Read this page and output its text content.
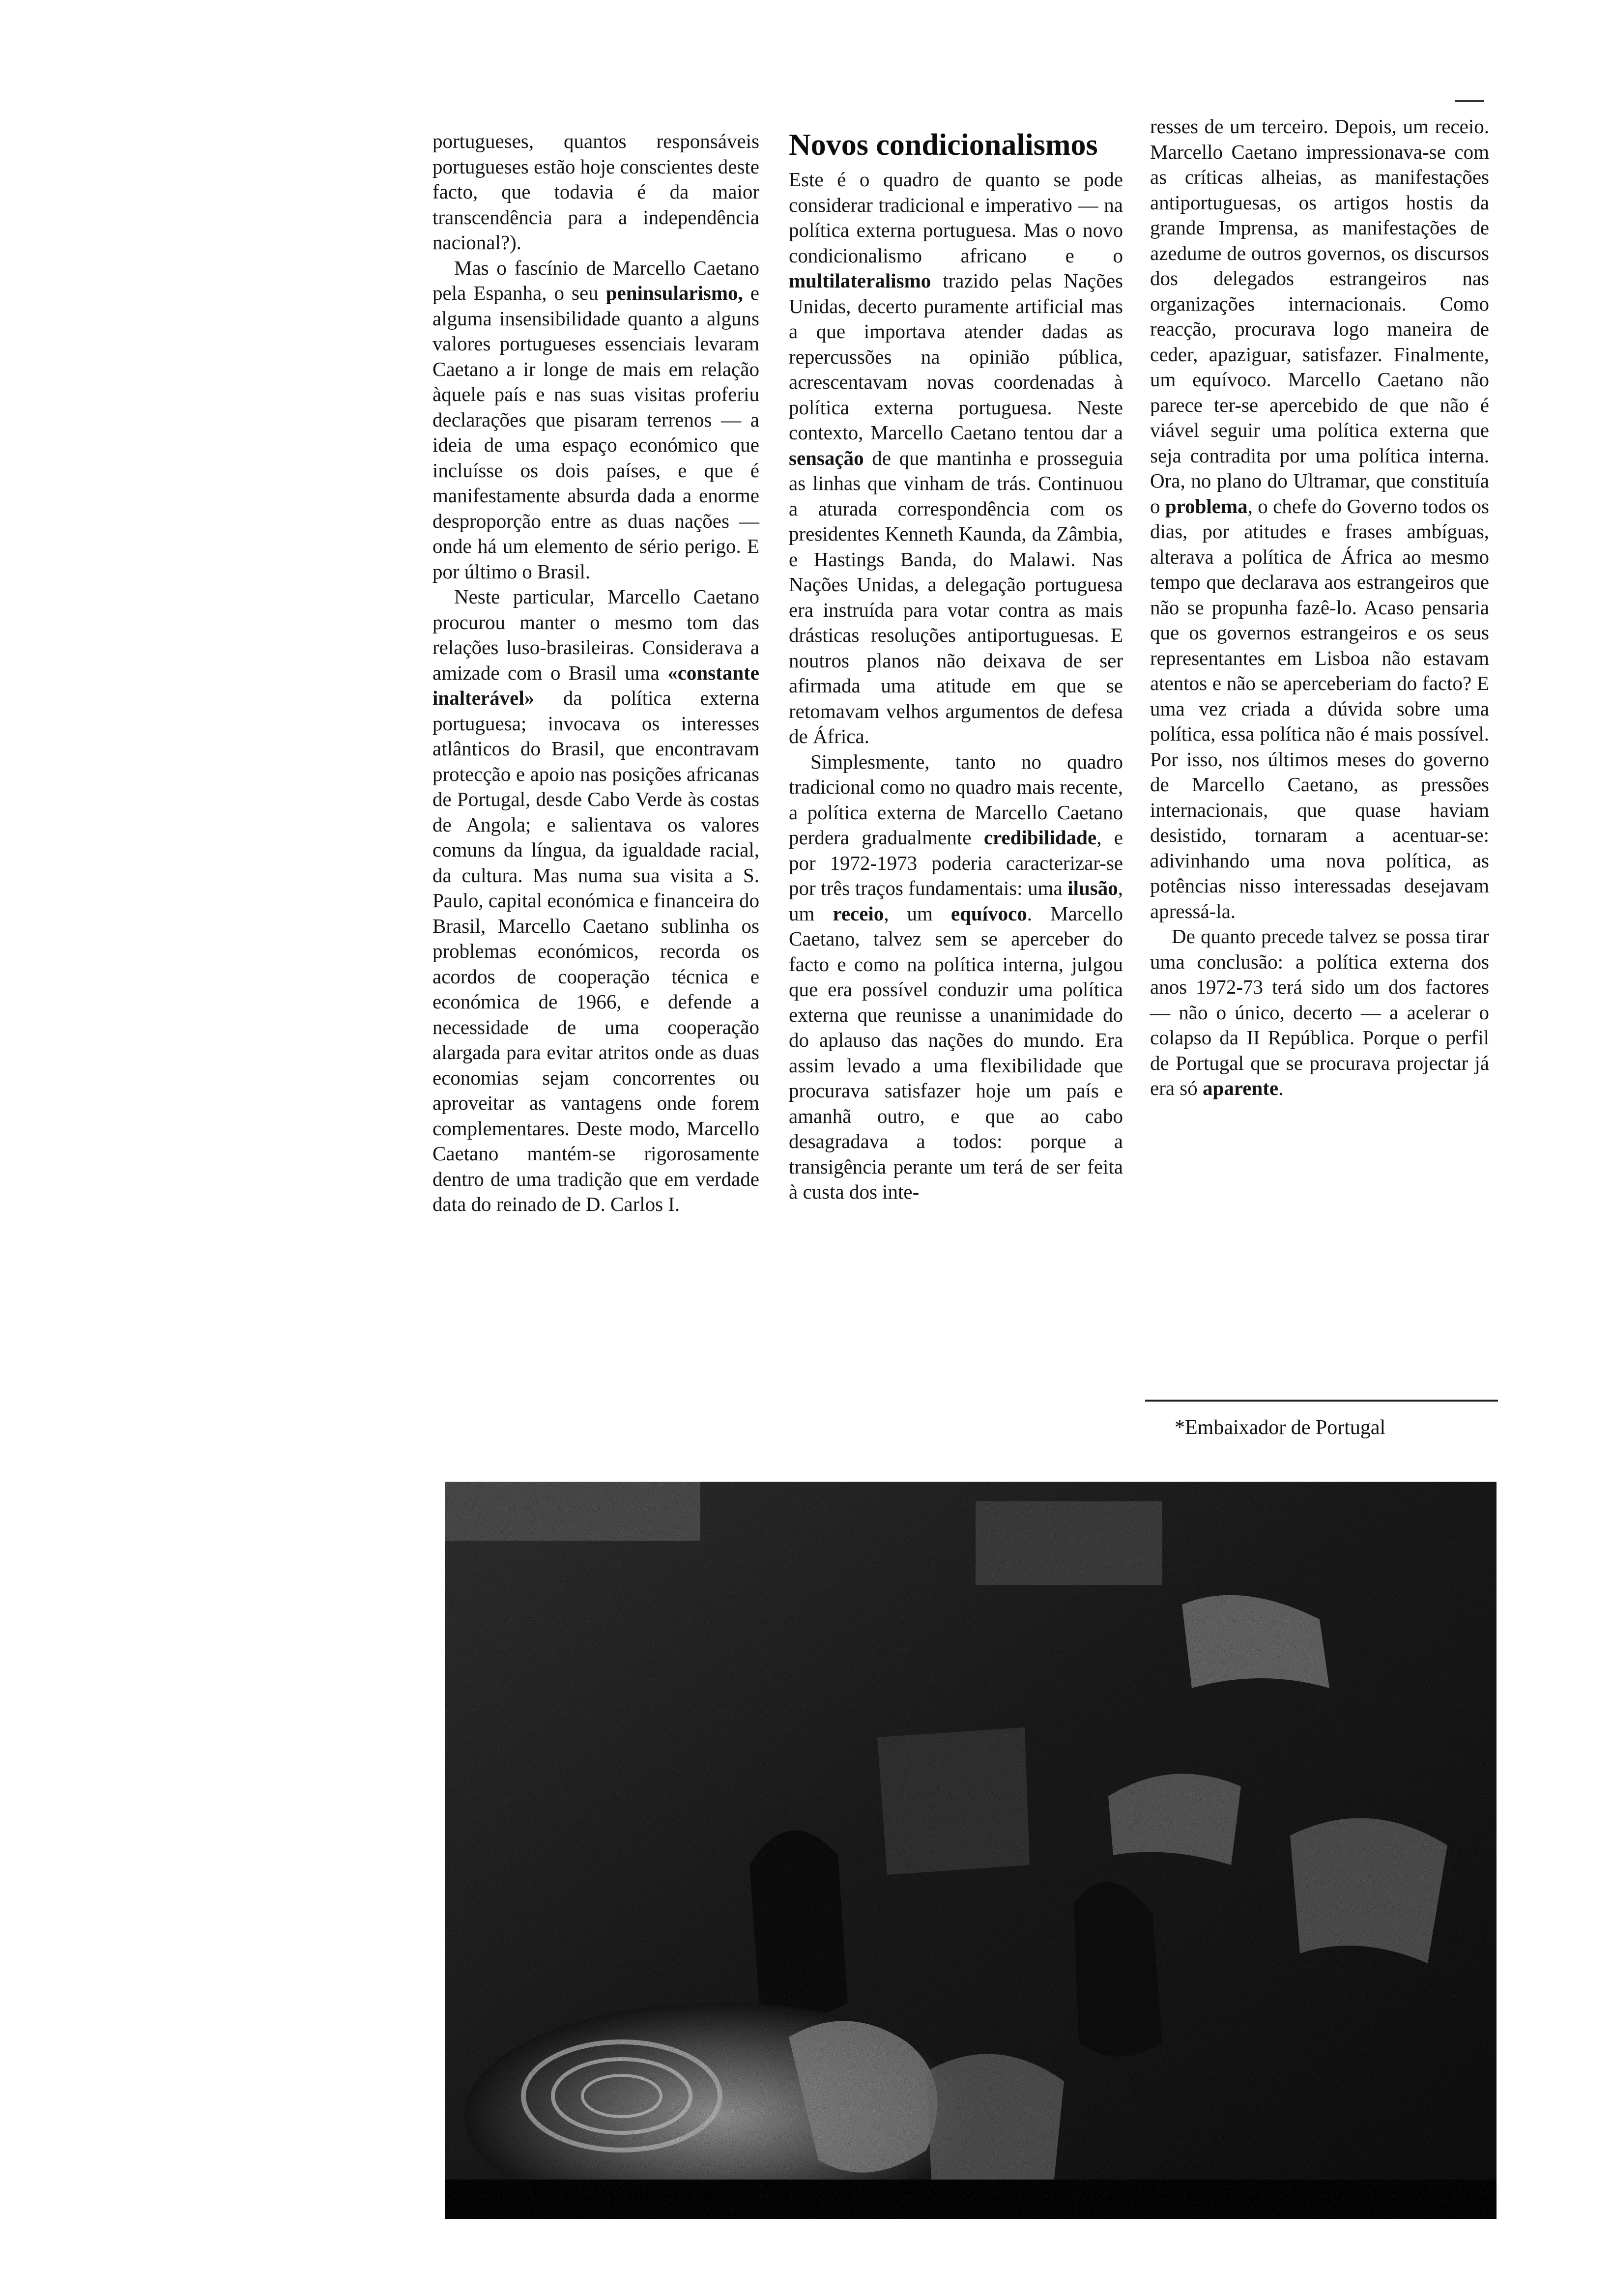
portugueses, quantos responsáveis portugueses estão hoje conscientes deste facto, que todavia é da maior transcendência para a independência nacional?).

Mas o fascínio de Marcello Caetano pela Espanha, o seu peninsularismo, e alguma insensibilidade quanto a alguns valores portugueses essenciais levaram Caetano a ir longe de mais em relação àquele país e nas suas visitas proferiu declarações que pisaram terrenos — a ideia de uma espaço económico que incluísse os dois países, e que é manifestamente absurda dada a enorme desproporção entre as duas nações — onde há um elemento de sério perigo. E por último o Brasil.

Neste particular, Marcello Caetano procurou manter o mesmo tom das relações luso-brasileiras. Considerava a amizade com o Brasil uma «constante inalterável» da política externa portuguesa; invocava os interesses atlânticos do Brasil, que encontravam protecção e apoio nas posições africanas de Portugal, desde Cabo Verde às costas de Angola; e salientava os valores comuns da língua, da igualdade racial, da cultura. Mas numa sua visita a S. Paulo, capital económica e financeira do Brasil, Marcello Caetano sublinha os problemas económicos, recorda os acordos de cooperação técnica e económica de 1966, e defende a necessidade de uma cooperação alargada para evitar atritos onde as duas economias sejam concorrentes ou aproveitar as vantagens onde forem complementares. Deste modo, Marcello Caetano mantém-se rigorosamente dentro de uma tradição que em verdade data do reinado de D. Carlos I.

Novos condicionalismos

Este é o quadro de quanto se pode considerar tradicional e imperativo — na política externa portuguesa. Mas o novo condicionalismo africano e o multilateralismo trazido pelas Nações Unidas, decerto puramente artificial mas a que importava atender dadas as repercussões na opinião pública, acrescentavam novas coordenadas à política externa portuguesa. Neste contexto, Marcello Caetano tentou dar a sensação de que mantinha e prosseguia as linhas que vinham de trás. Continuou a aturada correspondência com os presidentes Kenneth Kaunda, da Zâmbia, e Hastings Banda, do Malawi. Nas Nações Unidas, a delegação portuguesa era instruída para votar contra as mais drásticas resoluções antiportuguesas. E noutros planos não deixava de ser afirmada uma atitude em que se retomavam velhos argumentos de defesa de África.

Simplesmente, tanto no quadro tradicional como no quadro mais recente, a política externa de Marcello Caetano perdera gradualmente credibilidade, e por 1972-1973 poderia caracterizar-se por três traços fundamentais: uma ilusão, um receio, um equívoco. Marcello Caetano, talvez sem se aperceber do facto e como na política interna, julgou que era possível conduzir uma política externa que reunisse a unanimidade do do aplauso das nações do mundo. Era assim levado a uma flexibilidade que procurava satisfazer hoje um país e amanhã outro, e que ao cabo desagradava a todos: porque a transigência perante um terá de ser feita à custa dos inte-

resses de um terceiro. Depois, um receio. Marcello Caetano impressionava-se com as críticas alheias, as manifestações antiportuguesas, os artigos hostis da grande Imprensa, as manifestações de azedume de outros governos, os discursos dos delegados estrangeiros nas organizações internacionais. Como reacção, procurava logo maneira de ceder, apaziguar, satisfazer. Finalmente, um equívoco. Marcello Caetano não parece ter-se apercebido de que não é viável seguir uma política externa que seja contradita por uma política interna. Ora, no plano do Ultramar, que constituía o problema, o chefe do Governo todos os dias, por atitudes e frases ambíguas, alterava a política de África ao mesmo tempo que declarava aos estrangeiros que não se propunha fazê-lo. Acaso pensaria que os governos estrangeiros e os seus representantes em Lisboa não estavam atentos e não se aperceberiam do facto? E uma vez criada a dúvida sobre uma política, essa política não é mais possível. Por isso, nos últimos meses do governo de Marcello Caetano, as pressões internacionais, que quase haviam desistido, tornaram a acentuar-se: adivinhando uma nova política, as potências nisso interessadas desejavam apressá-la.

De quanto precede talvez se possa tirar uma conclusão: a política externa dos anos 1972-73 terá sido um dos factores — não o único, decerto — a acelerar o colapso da II República. Porque o perfil de Portugal que se procurava projectar já era só aparente.

*Embaixador de Portugal
